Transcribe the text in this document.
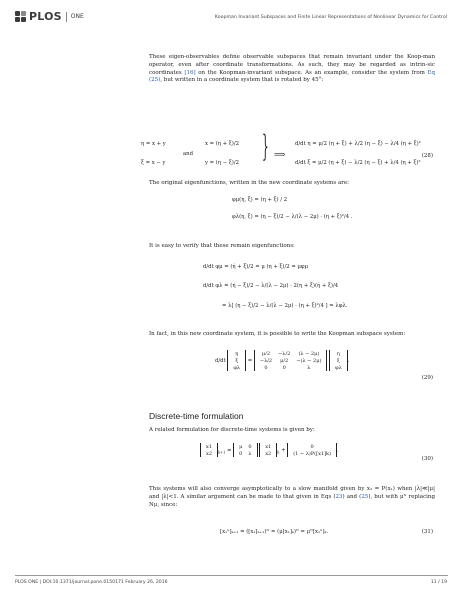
PLOS ONE	Koopman Invariant Subspaces and Finite Linear Representations of Nonlinear Dynamics for Control
These eigen-observables define observable subspaces that remain invariant under the Koop-man operator, even after coordinate transformations. As such, they may be regarded as intrin-sic coordinates [16] on the Koopman-invariant subspace. As an example, consider the system from Eq (25), but written in a coordinate system that is rotated by 45°:
η = x + y
ξ = x − y
and
x = (η + ξ)/2
y = (η − ξ)/2 } ⟹
d/dt η = μ/2 (η + ξ) + λ/2 (η − ξ) − λ/4 (η + ξ)²
d/dt ξ = μ/2 (η + ξ) − λ/2 (η − ξ) + λ/4 (η + ξ)²
(28)
The original eigenfunctions, written in the new coordinate systems are:
φμ(η, ξ) = (η + ξ) / 2
φλ(η, ξ) = (η − ξ)/2 − λ/(λ − 2μ) · (η + ξ)²/4 .
It is easy to verify that these remain eigenfunctions:
d/dt φμ = (η̇ + ξ̇)/2 = μ (η + ξ)/2 = μφμ
d/dt φλ = (η̇ − ξ̇)/2 − λ/(λ − 2μ) · 2(η + ξ)(η̇ + ξ̇)/4
= λ[ (η − ξ)/2 − λ/(λ − 2μ) · (η + ξ)²/4 ] = λφλ.
In fact, in this new coordinate system, it is possible to write the Koopman subspace system:
d/dt
η
ξ
φλ
=
μ/2	−λ/2	(λ − 2μ)
−λ/2	μ/2	−(λ − 2μ)
0	0	λ

η
ξ
φλ
.
(29)
Discrete-time formulation
A related formulation for discrete-time systems is given by:
x1
x2 $_{k+1}$ =
μ	0
0	λ

x1
x2 $_k$ +
0
(1 − λ)P([x1]k) .
(30)
This systems will also converge asymptotically to a slow manifold given by x₂ = P(x₁) when |λ|≪|μ| and |λ|<1. A similar argument can be made to that given in Eqs (23) and (25), but with μᴺ replacing Nμ, since:
[x₁ⁿ]ₖ₊₁ = ([x₁]ₖ₊₁)ᴺ = (μ[x₁]ₖ)ᴺ = μᴺ[x₁ⁿ]ₖ.	(31)
PLOS ONE | DOI:10.1371/journal.pone.0150171 February 26, 2016	11 / 19
